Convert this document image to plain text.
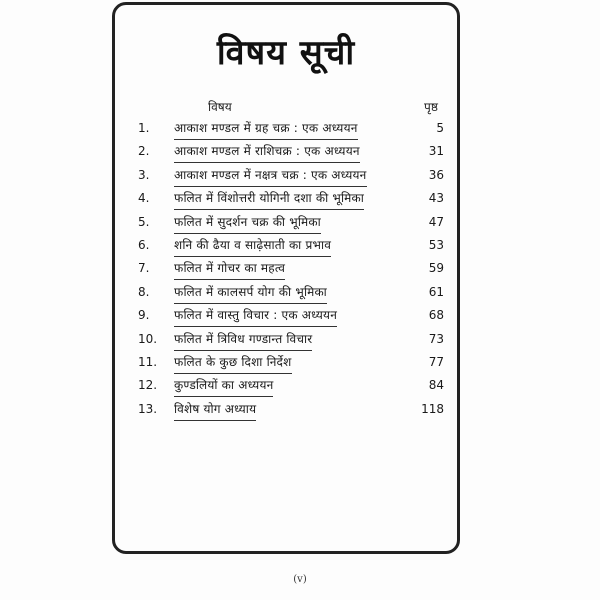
विषय सूची
विषय	पृष्ठ
1.	आकाश मण्डल में ग्रह चक्र : एक अध्ययन	5
2.	आकाश मण्डल में राशिचक्र : एक अध्ययन	31
3.	आकाश मण्डल में नक्षत्र चक्र : एक अध्ययन	36
4.	फलित में विंशोत्तरी योगिनी दशा की भूमिका	43
5.	फलित में सुदर्शन चक्र की भूमिका	47
6.	शनि की ढैया व साढ़ेसाती का प्रभाव	53
7.	फलित में गोचर का महत्व	59
8.	फलित में कालसर्प योग की भूमिका	61
9.	फलित में वास्तु विचार : एक अध्ययन	68
10.	फलित में त्रिविध गण्डान्त विचार	73
11.	फलित के कुछ दिशा निर्देश	77
12.	कुण्डलियों का अध्ययन	84
13.	विशेष योग अध्याय	118
(v)
